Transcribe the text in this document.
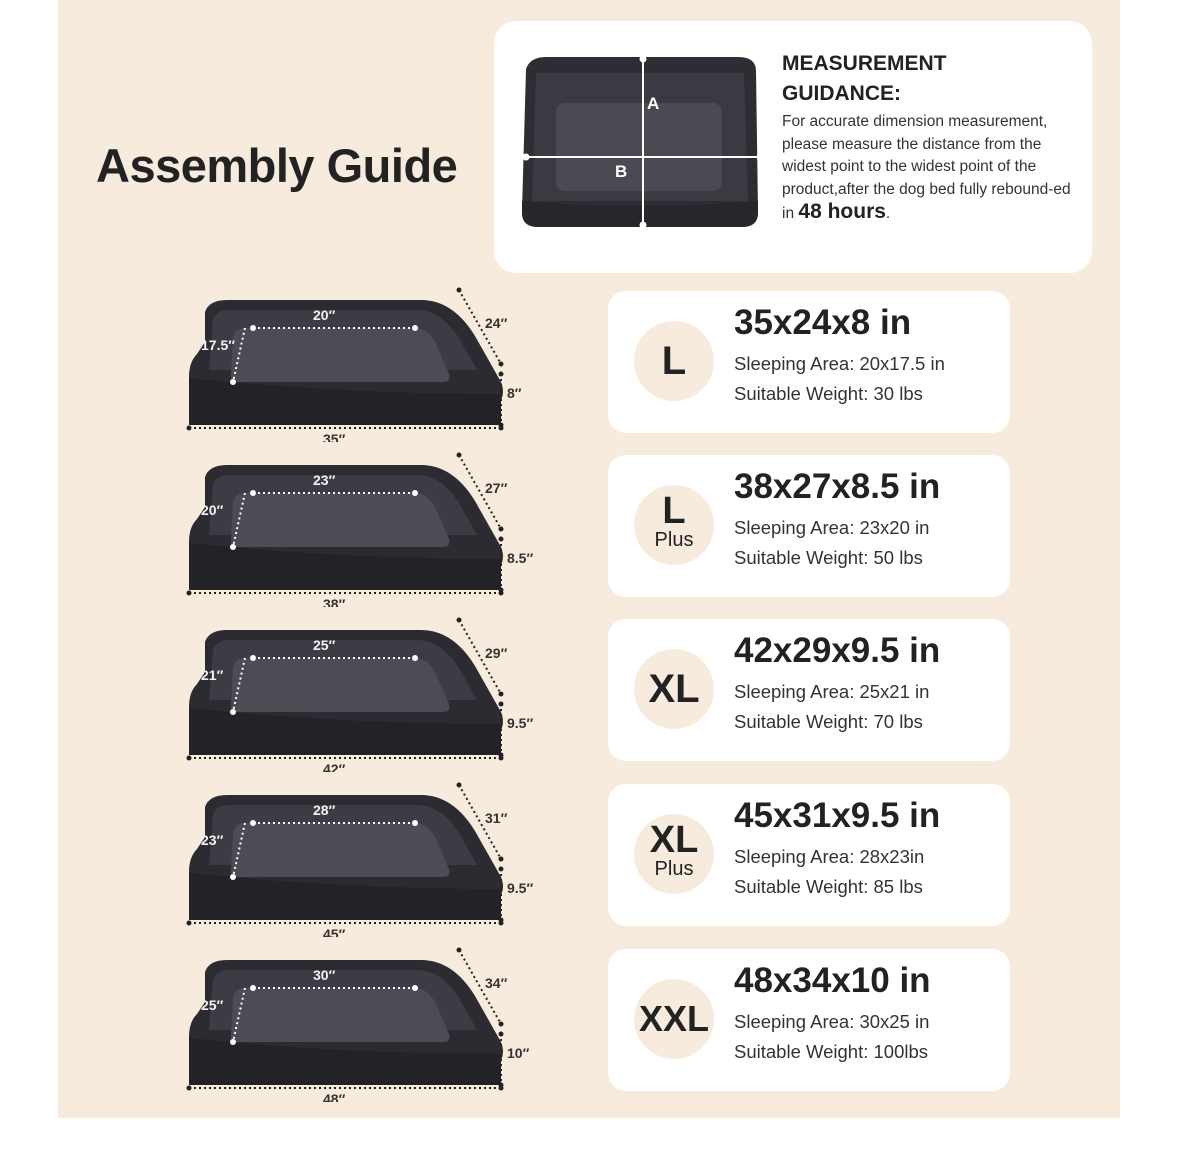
Assembly Guide
A
B
MEASUREMENT
GUIDANCE:
For accurate dimension measurement, please measure the distance from the widest point to the widest point of the product,after the dog bed fully rebound-ed in 48 hours.
20″
17.5″
24″
8″
35″
23″
20″
27″
8.5″
38″
25″
21″
29″
9.5″
42″
28″
23″
31″
9.5″
45″
30″
25″
34″
10″
48″
L
35x24x8 in
Sleeping Area: 20x17.5 in
Suitable Weight: 30 lbs
L
Plus
38x27x8.5 in
Sleeping Area: 23x20 in
Suitable Weight: 50 lbs
XL
42x29x9.5 in
Sleeping Area: 25x21 in
Suitable Weight: 70 lbs
XL
Plus
45x31x9.5 in
Sleeping Area: 28x23in
Suitable Weight: 85 lbs
XXL
48x34x10 in
Sleeping Area: 30x25 in
Suitable Weight: 100lbs
